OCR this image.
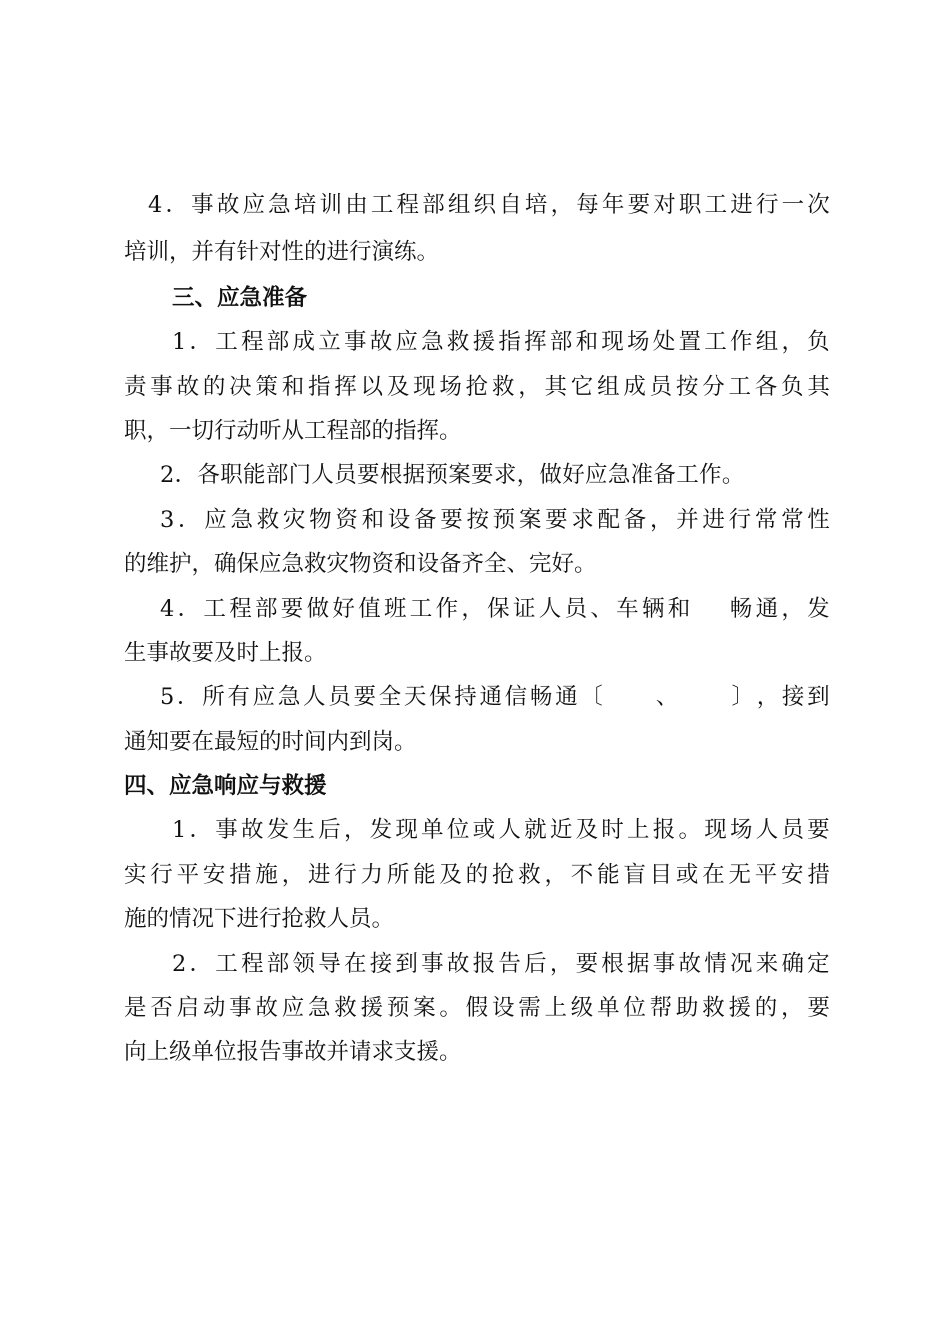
4 ． 事 故 应 急 培 训 由 工 程 部 组 织 自 培 ， 每 年 要 对 职 工 进 行 一 次
培训，并有针对性的进行演练。
三、应急准备
1 ． 工 程 部 成 立 事 故 应 急 救 援 指 挥 部 和 现 场 处 置 工 作 组 ， 负
责 事 故 的 决 策 和 指 挥 以 及 现 场 抢 救 ， 其 它 组 成 员 按 分 工 各 负 其
职，一切行动听从工程部的指挥。
2．各职能部门人员要根据预案要求，做好应急准备工作。
3 ． 应 急 救 灾 物 资 和 设 备 要 按 预 案 要 求 配 备 ， 并 进 行 常 常 性
的维护，确保应急救灾物资和设备齐全、完好。
4 ． 工 程 部 要 做 好 值 班 工 作 ， 保 证 人 员 、 车 辆 和

畅 通 ， 发
生事故要及时上报。
5 ． 所 有 应 急 人 员 要 全 天 保 持 通 信 畅 通 〔

　 、

　 〕 ， 接 到
通知要在最短的时间内到岗。
四、应急响应与救援
1 ． 事 故 发 生 后 ， 发 现 单 位 或 人 就 近 及 时 上 报 。 现 场 人 员 要
实 行 平 安 措 施 ， 进 行 力 所 能 及 的 抢 救 ， 不 能 盲 目 或 在 无 平 安 措
施的情况下进行抢救人员。
2 ． 工 程 部 领 导 在 接 到 事 故 报 告 后 ， 要 根 据 事 故 情 况 来 确 定
是 否 启 动 事 故 应 急 救 援 预 案 。 假 设 需 上 级 单 位 帮 助 救 援 的 ， 要
向上级单位报告事故并请求支援。
